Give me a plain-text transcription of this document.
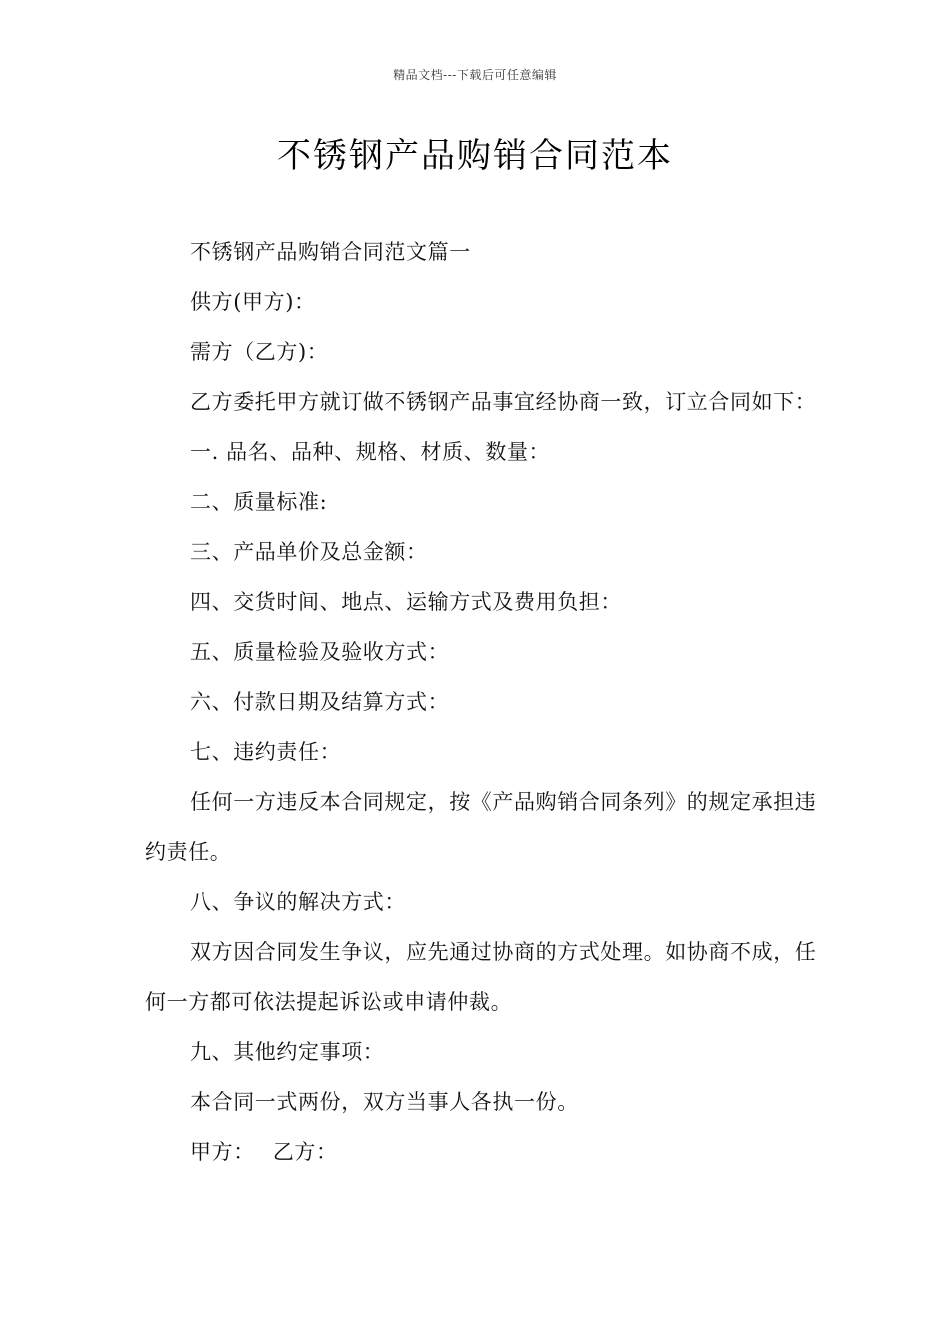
精品文档---下载后可任意编辑
不锈钢产品购销合同范本

不锈钢产品购销合同范文篇一

供方(甲方)：

需方（乙方)：

乙方委托甲方就订做不锈钢产品事宜经协商一致，订立合同如下：

一. 品名、品种、规格、材质、数量：

二、质量标准:

三、产品单价及总金额：

四、交货时间、地点、运输方式及费用负担：

五、质量检验及验收方式：

六、付款日期及结算方式：

七、违约责任：

任何一方违反本合同规定，按《产品购销合同条列》的规定承担违约责任。

八、争议的解决方式：

双方因合同发生争议，应先通过协商的方式处理。如协商不成，任何一方都可依法提起诉讼或申请仲裁。

九、其他约定事项：

本合同一式两份，双方当事人各执一份。

甲方： 乙方：
